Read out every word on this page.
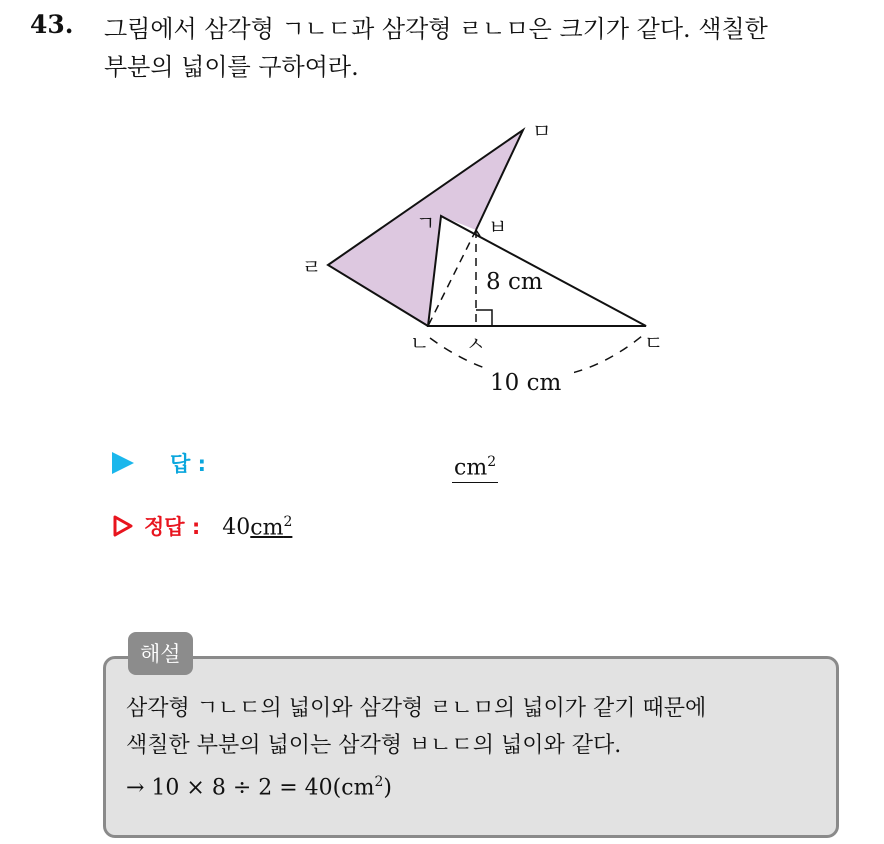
43. 그림에서 삼각형 ㄱㄴㄷ과 삼각형 ㄹㄴㅁ은 크기가 같다. 색칠한
부분의 넓이를 구하여라.
ㅁ
ㄱ	ㅂ
ㄹ
8 cm
ㄴ ㅅ	ㄷ
10 cm
답 :	$cm^2$
정답 : 40 $cm^2$
해설
삼각형 ㄱㄴㄷ의 넓이와 삼각형 ㄹㄴㅁ의 넓이가 같기 때문에
색칠한 부분의 넓이는 삼각형 ㅂㄴㄷ의 넓이와 같다.
→ $10 \times 8 \div 2 = 40(cm^2)$
